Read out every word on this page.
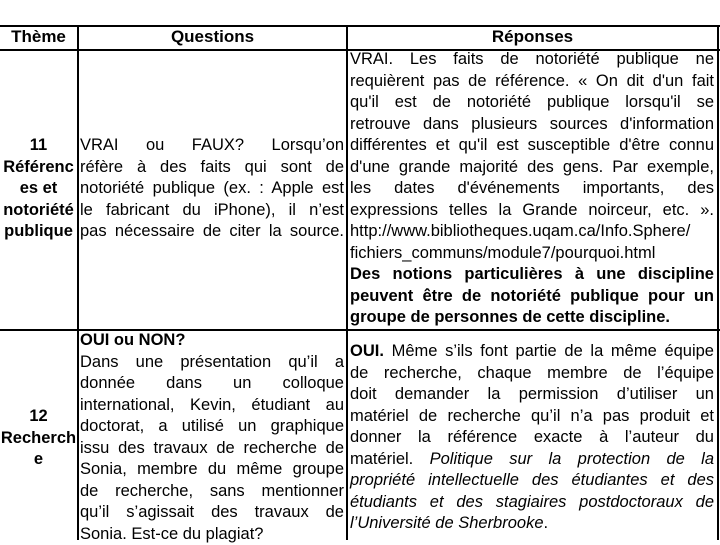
Thème	Questions	Réponses
11
Référenc
es et
notoriété
publique
VRAI ou FAUX? Lorsqu’on
réfère à des faits qui sont de
notoriété publique (ex. : Apple est
le fabricant du iPhone), il n’est
pas nécessaire de citer la source.
VRAI. Les faits de notoriété publique ne
requièrent pas de référence. « On dit d'un fait
qu'il est de notoriété publique lorsqu'il se
retrouve dans plusieurs sources d'information
différentes et qu'il est susceptible d'être connu
d'une grande majorité des gens. Par exemple,
les dates d'événements importants, des
expressions telles la Grande noirceur, etc. ».
http://www.bibliotheques.uqam.ca/Info.Sphere/
fichiers_communs/module7/pourquoi.html
Des notions particulières à une discipline
peuvent être de notoriété publique pour un
groupe de personnes de cette discipline.
12
Recherch
e
OUI ou NON?
Dans une présentation qu’il a
donnée dans un colloque
international, Kevin, étudiant au
doctorat, a utilisé un graphique
issu des travaux de recherche de
Sonia, membre du même groupe
de recherche, sans mentionner
qu’il s’agissait des travaux de
Sonia. Est-ce du plagiat?
OUI. Même s’ils font partie de la même équipe
de recherche, chaque membre de l’équipe
doit demander la permission d’utiliser un
matériel de recherche qu’il n’a pas produit et
donner la référence exacte à l’auteur du
matériel. Politique sur la protection de la
propriété intellectuelle des étudiantes et des
étudiants et des stagiaires postdoctoraux de
l’Université de Sherbrooke.
